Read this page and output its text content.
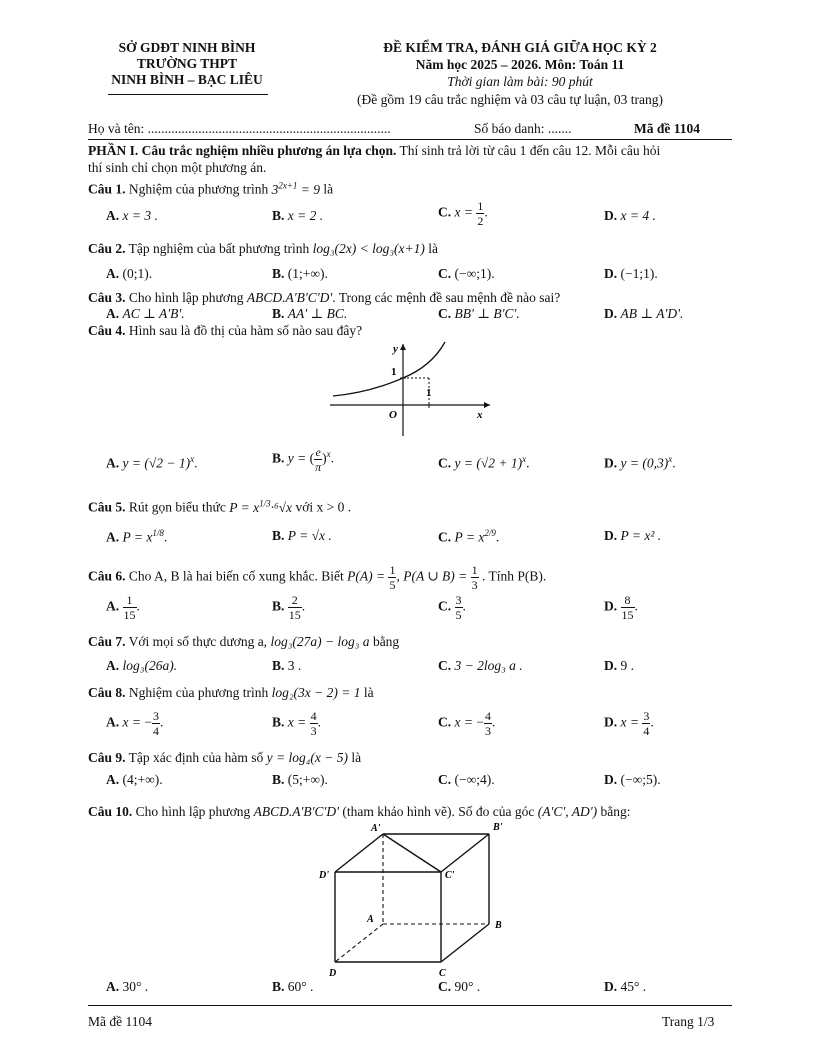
SỞ GDĐT NINH BÌNH
TRƯỜNG THPT
NINH BÌNH – BẠC LIÊU
ĐỀ KIỂM TRA, ĐÁNH GIÁ GIỮA HỌC KỲ 2
Năm học 2025 – 2026. Môn: Toán 11
Thời gian làm bài: 90 phút
(Đề gồm 19 câu trắc nghiệm và 03 câu tự luận, 03 trang)
Họ và tên: ........................................................................	Số báo danh: .......	Mã đề 1104
PHẦN I. Câu trắc nghiệm nhiều phương án lựa chọn. Thí sinh trả lời từ câu 1 đến câu 12. Mỗi câu hỏi
thí sinh chỉ chọn một phương án.
Câu 1. Nghiệm của phương trình $3^{2x+1} = 9$ là
A. x = 3 .	B. x = 2 .	C. $x = \frac{1}{2}$ .	D. x = 4 .
Câu 2. Tập nghiệm của bất phương trình log₃(2x) < log₃(x+1) là
A. (0;1).	B. (1;+∞).	C. (−∞;1).	D. (−1;1).
Câu 3. Cho hình lập phương ABCD.A'B'C'D'. Trong các mệnh đề sau mệnh đề nào sai?
A. AC ⊥ A'B'.	B. AA' ⊥ BC.	C. BB' ⊥ B'C'.	D. AB ⊥ A'D'.
Câu 4. Hình sau là đồ thị của hàm số nào sau đây?
y
1
1
O	x
A. $y = (√2 - 1)^x$.	B. y = ( $\frac{e}{\pi} )^x$.	C. $y = (√2 + 1)^x$.	D. $y = (0,3)^x$.
Câu 5. Rút gọn biểu thức $P = x^{1/3}\cdot^6√x$ với x > 0 .
A. $P = x^{1/8}$.	B. P = √x .	C. $P = x^{2/9}$.	D. P = x² .
Câu 6. Cho A, B là hai biến cố xung khắc. Biết $P(A) = \frac{1}{5}$ , P(A ∪ $B) = \frac{1}{3}$ . Tính P(B).
A. $\frac{1}{15}$ .	B. $\frac{2}{15}$ .	C. $\frac{3}{5}$ .	D. $\frac{8}{15}$ .
Câu 7. Với mọi số thực dương a, log₃(27a) − log₃ a bằng
A. log₃(26a).	B. 3 .	C. 3 − 2log₃ a .	D. 9 .
Câu 8. Nghiệm của phương trình log₂(3x − 2) = 1 là
A. x = − $\frac{3}{4}$ .	B. $x = \frac{4}{3}$ .	C. x = − $\frac{4}{3}$ .	D. $x = \frac{3}{4}$ .
Câu 9. Tập xác định của hàm số y = log₄(x − 5) là
A. (4;+∞).	B. (5;+∞).	C. (−∞;4).	D. (−∞;5).
Câu 10. Cho hình lập phương ABCD.A'B'C'D' (tham khảo hình vẽ). Số đo của góc (A'C', AD') bằng:
A'	B'
D'	C'
A
B
D	C
A. 30° .	B. 60° .	C. 90° .	D. 45° .
Mã đề 1104	Trang 1/3
